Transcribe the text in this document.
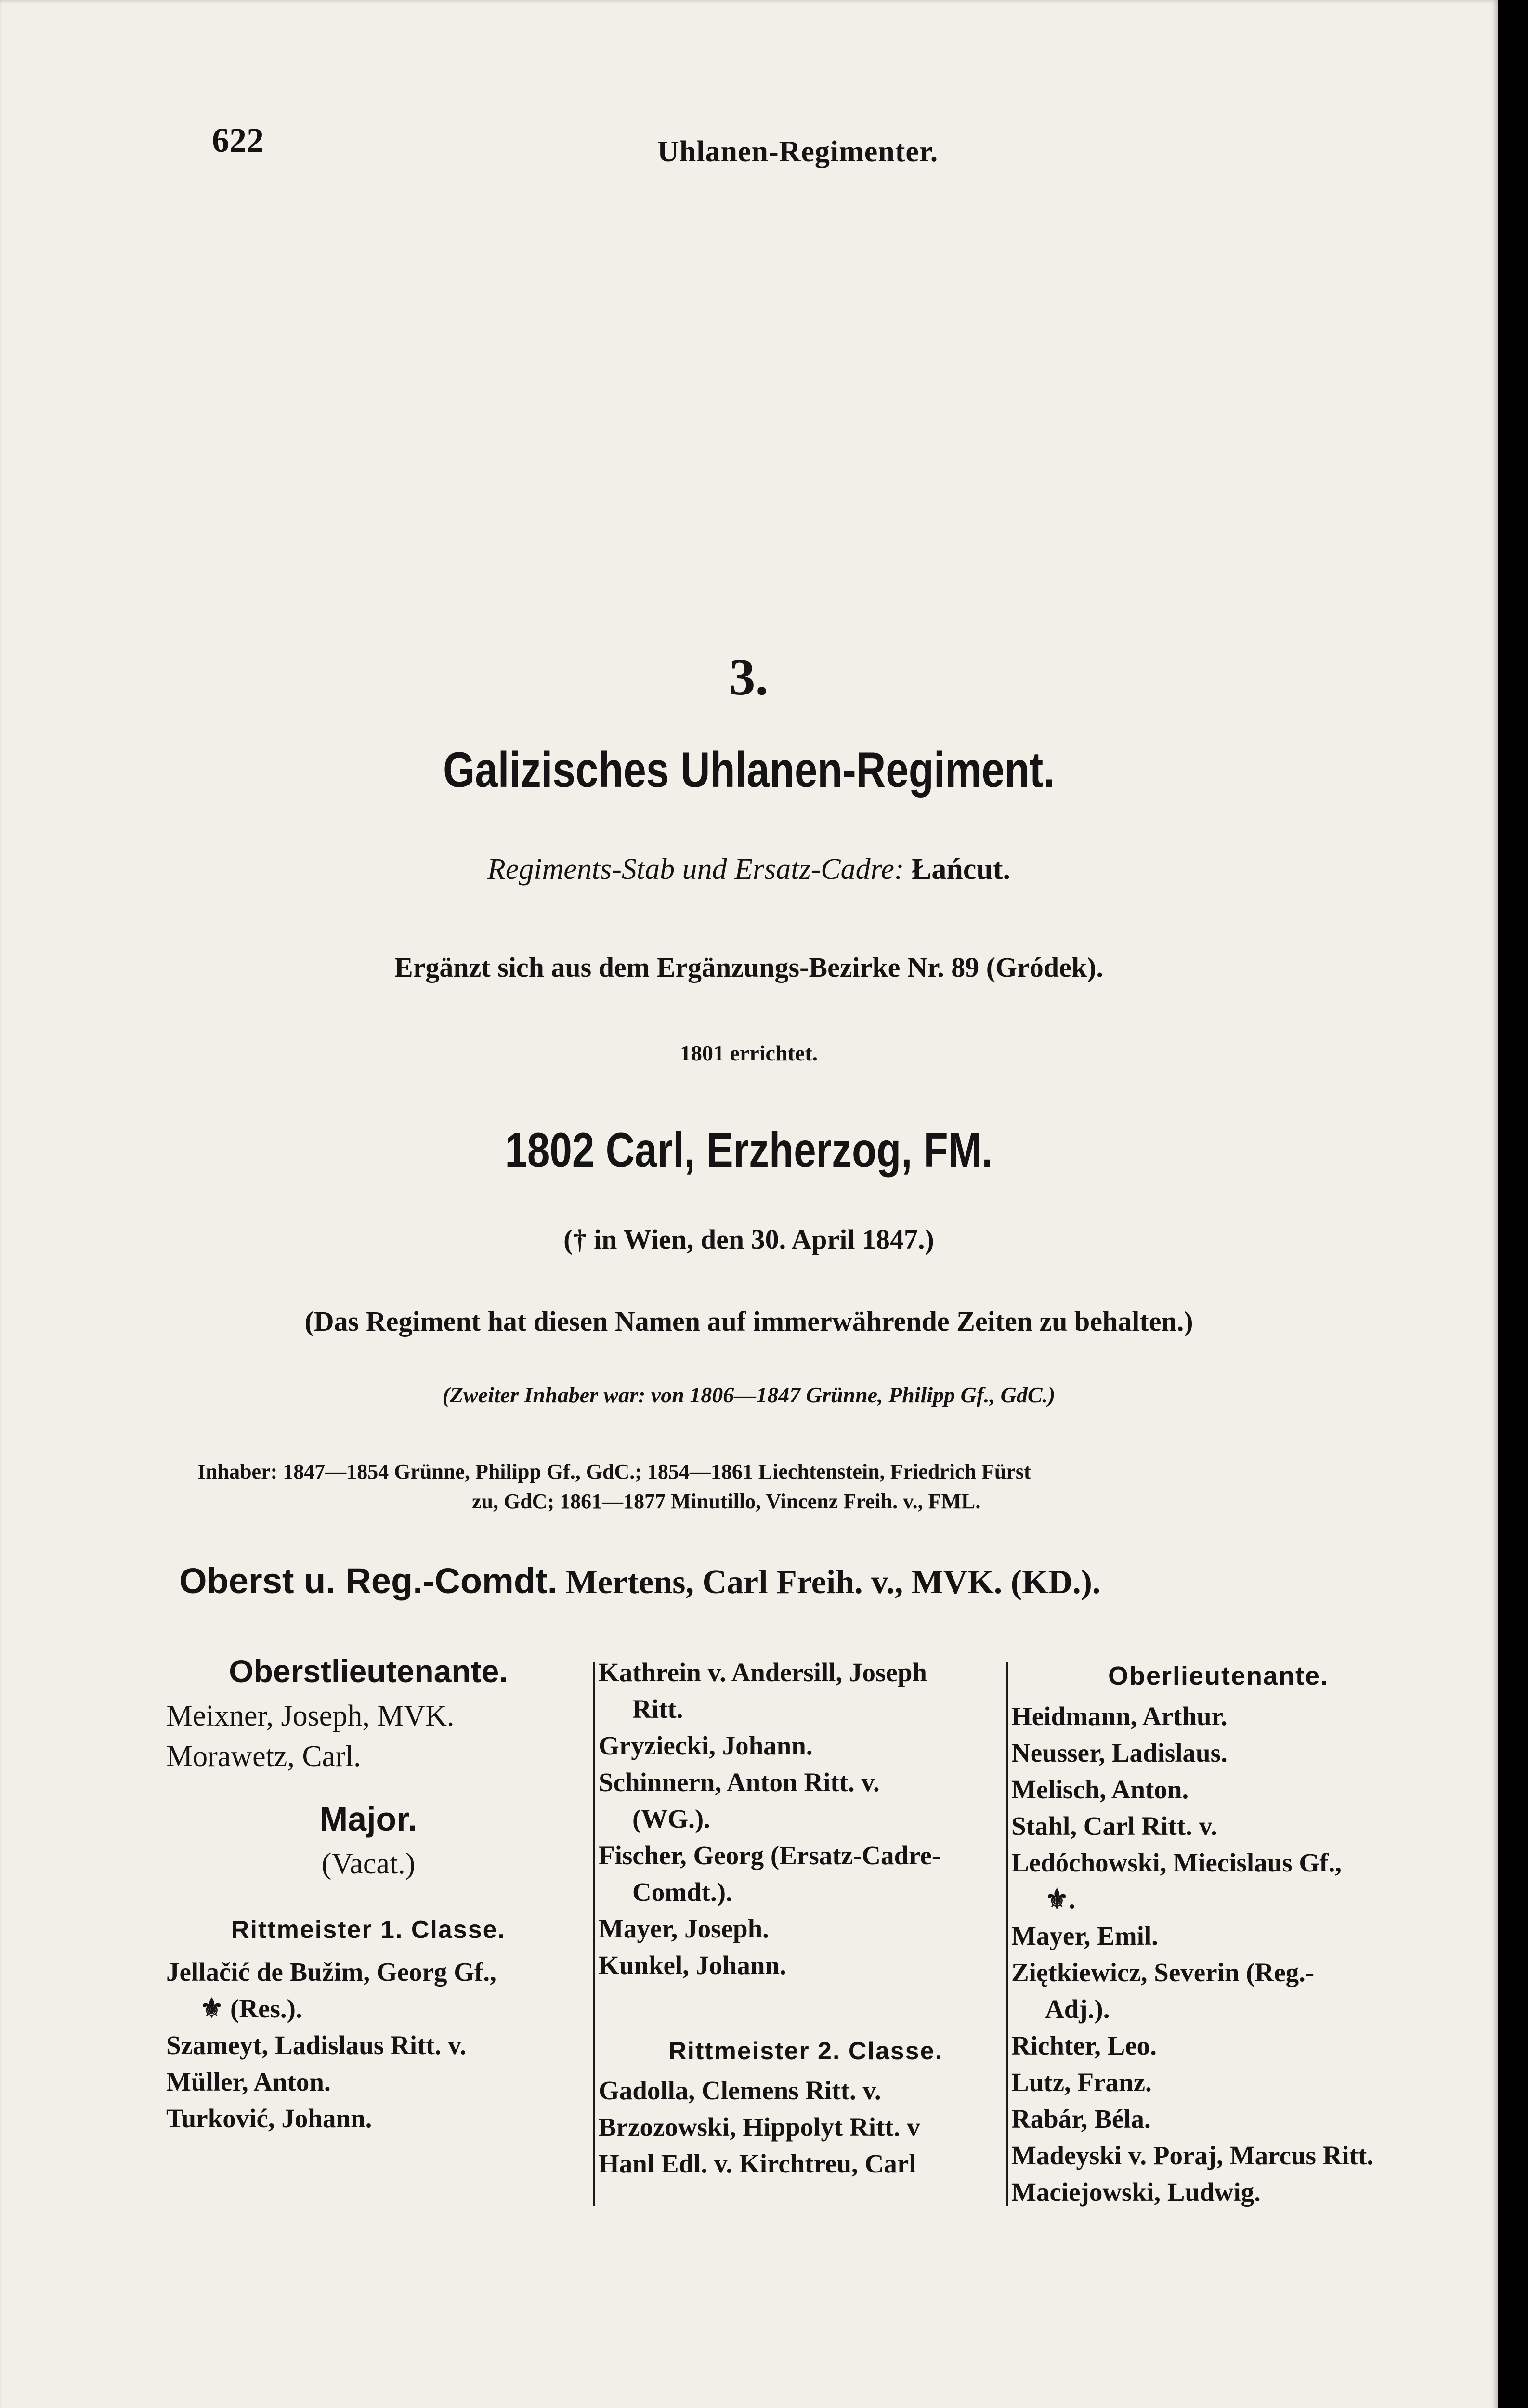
622	Uhlanen-Regimenter.
3.
Galizisches Uhlanen-Regiment.
Regiments-Stab und Ersatz-Cadre: Łańcut.
Ergänzt sich aus dem Ergänzungs-Bezirke Nr. 89 (Gródek).
1801 errichtet.
1802 Carl, Erzherzog, FM.
(† in Wien, den 30. April 1847.)
(Das Regiment hat diesen Namen auf immerwährende Zeiten zu behalten.)
(Zweiter Inhaber war: von 1806—1847 Grünne, Philipp Gf., GdC.)
Inhaber: 1847—1854 Grünne, Philipp Gf., GdC.; 1854—1861 Liechtenstein, Friedrich Fürst
zu, GdC; 1861—1877 Minutillo, Vincenz Freih. v., FML.
Oberst u. Reg.-Comdt. Mertens, Carl Freih. v., MVK. (KD.).
Oberstlieutenante.
Meixner, Joseph, MVK.
Morawetz, Carl.
Major.
(Vacat.)
Rittmeister 1. Classe.
Jellačić de Bužim, Georg Gf.,
⚜ (Res.).
Szameyt, Ladislaus Ritt. v.
Müller, Anton.
Turković, Johann.
Kathrein v. Andersill, Joseph
Ritt.
Gryziecki, Johann.
Schinnern, Anton Ritt. v.
(WG.).
Fischer, Georg (Ersatz-Cadre-
Comdt.).
Mayer, Joseph.
Kunkel, Johann.
Rittmeister 2. Classe.
Gadolla, Clemens Ritt. v.
Brzozowski, Hippolyt Ritt. v
Hanl Edl. v. Kirchtreu, Carl
Oberlieutenante.
Heidmann, Arthur.
Neusser, Ladislaus.
Melisch, Anton.
Stahl, Carl Ritt. v.
Ledóchowski, Miecislaus Gf.,
⚜.
Mayer, Emil.
Ziętkiewicz, Severin (Reg.-
Adj.).
Richter, Leo.
Lutz, Franz.
Rabár, Béla.
Madeyski v. Poraj, Marcus Ritt.
Maciejowski, Ludwig.
